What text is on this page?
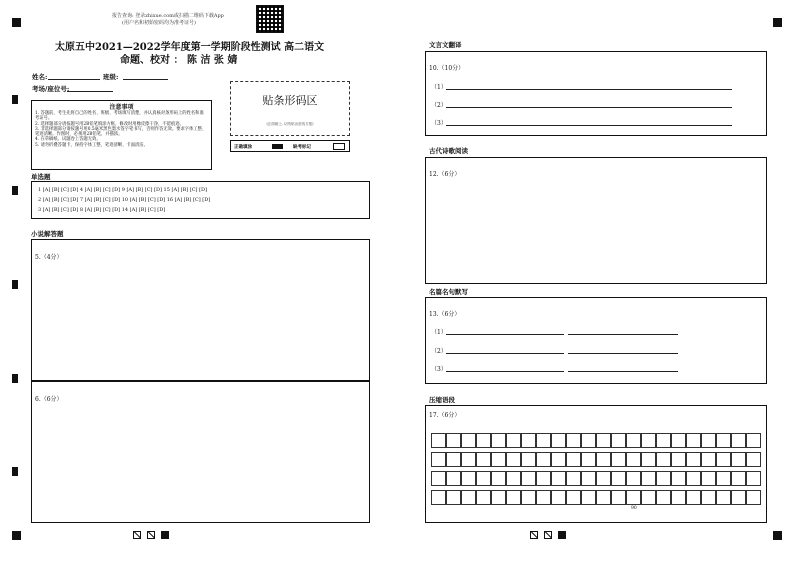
报告查询: 登录zhixue.com或扫描二维码下载App
(用户名和初始密码均为准考证号)
太原五中2021—2022学年度第一学期阶段性测试 高二语文
命题、校对 ： 陈 洁 张 婧
姓名:	班级:
考场/座位号:
注意事项
1. 答题前，考生先将自己的姓名、班级、考场填写清楚，并认真核对条形码上的姓名和准考证号。
2. 选择题部分请按题号用2B铅笔填涂方框，修改时用橡皮擦干净，不留痕迹。
3. 非选择题部分请按题号用0.5毫米黑色墨水签字笔书写，否则作答无效。要求字体工整、笔迹清晰。作图时，必须用2B铅笔，并描浓。
4. 在草稿纸、试题卷上答题无效。
5. 请勿折叠答题卡，保持字体工整、笔迹清晰、卡面清洁。
贴条形码区
(正面朝上, 切勿贴出虚线方框)
正确填涂	缺考标记
单选题
1 [A] [B] [C] [D] 4 [A] [B] [C] [D] 9 [A] [B] [C] [D] 15 [A] [B] [C] [D]
2 [A] [B] [C] [D] 7 [A] [B] [C] [D] 10 [A] [B] [C] [D] 16 [A] [B] [C] [D]
3 [A] [B] [C] [D] 8 [A] [B] [C] [D] 14 [A] [B] [C] [D]
小说解答题
5.（4分）
6.（6分）
文言文翻译
10.（10分）
（1）
（2）
（3）
古代诗歌阅读
12.（6分）
名篇名句默写
13.（6分）
（1）
（2）
（3）
压缩语段
17.（6分）
90
